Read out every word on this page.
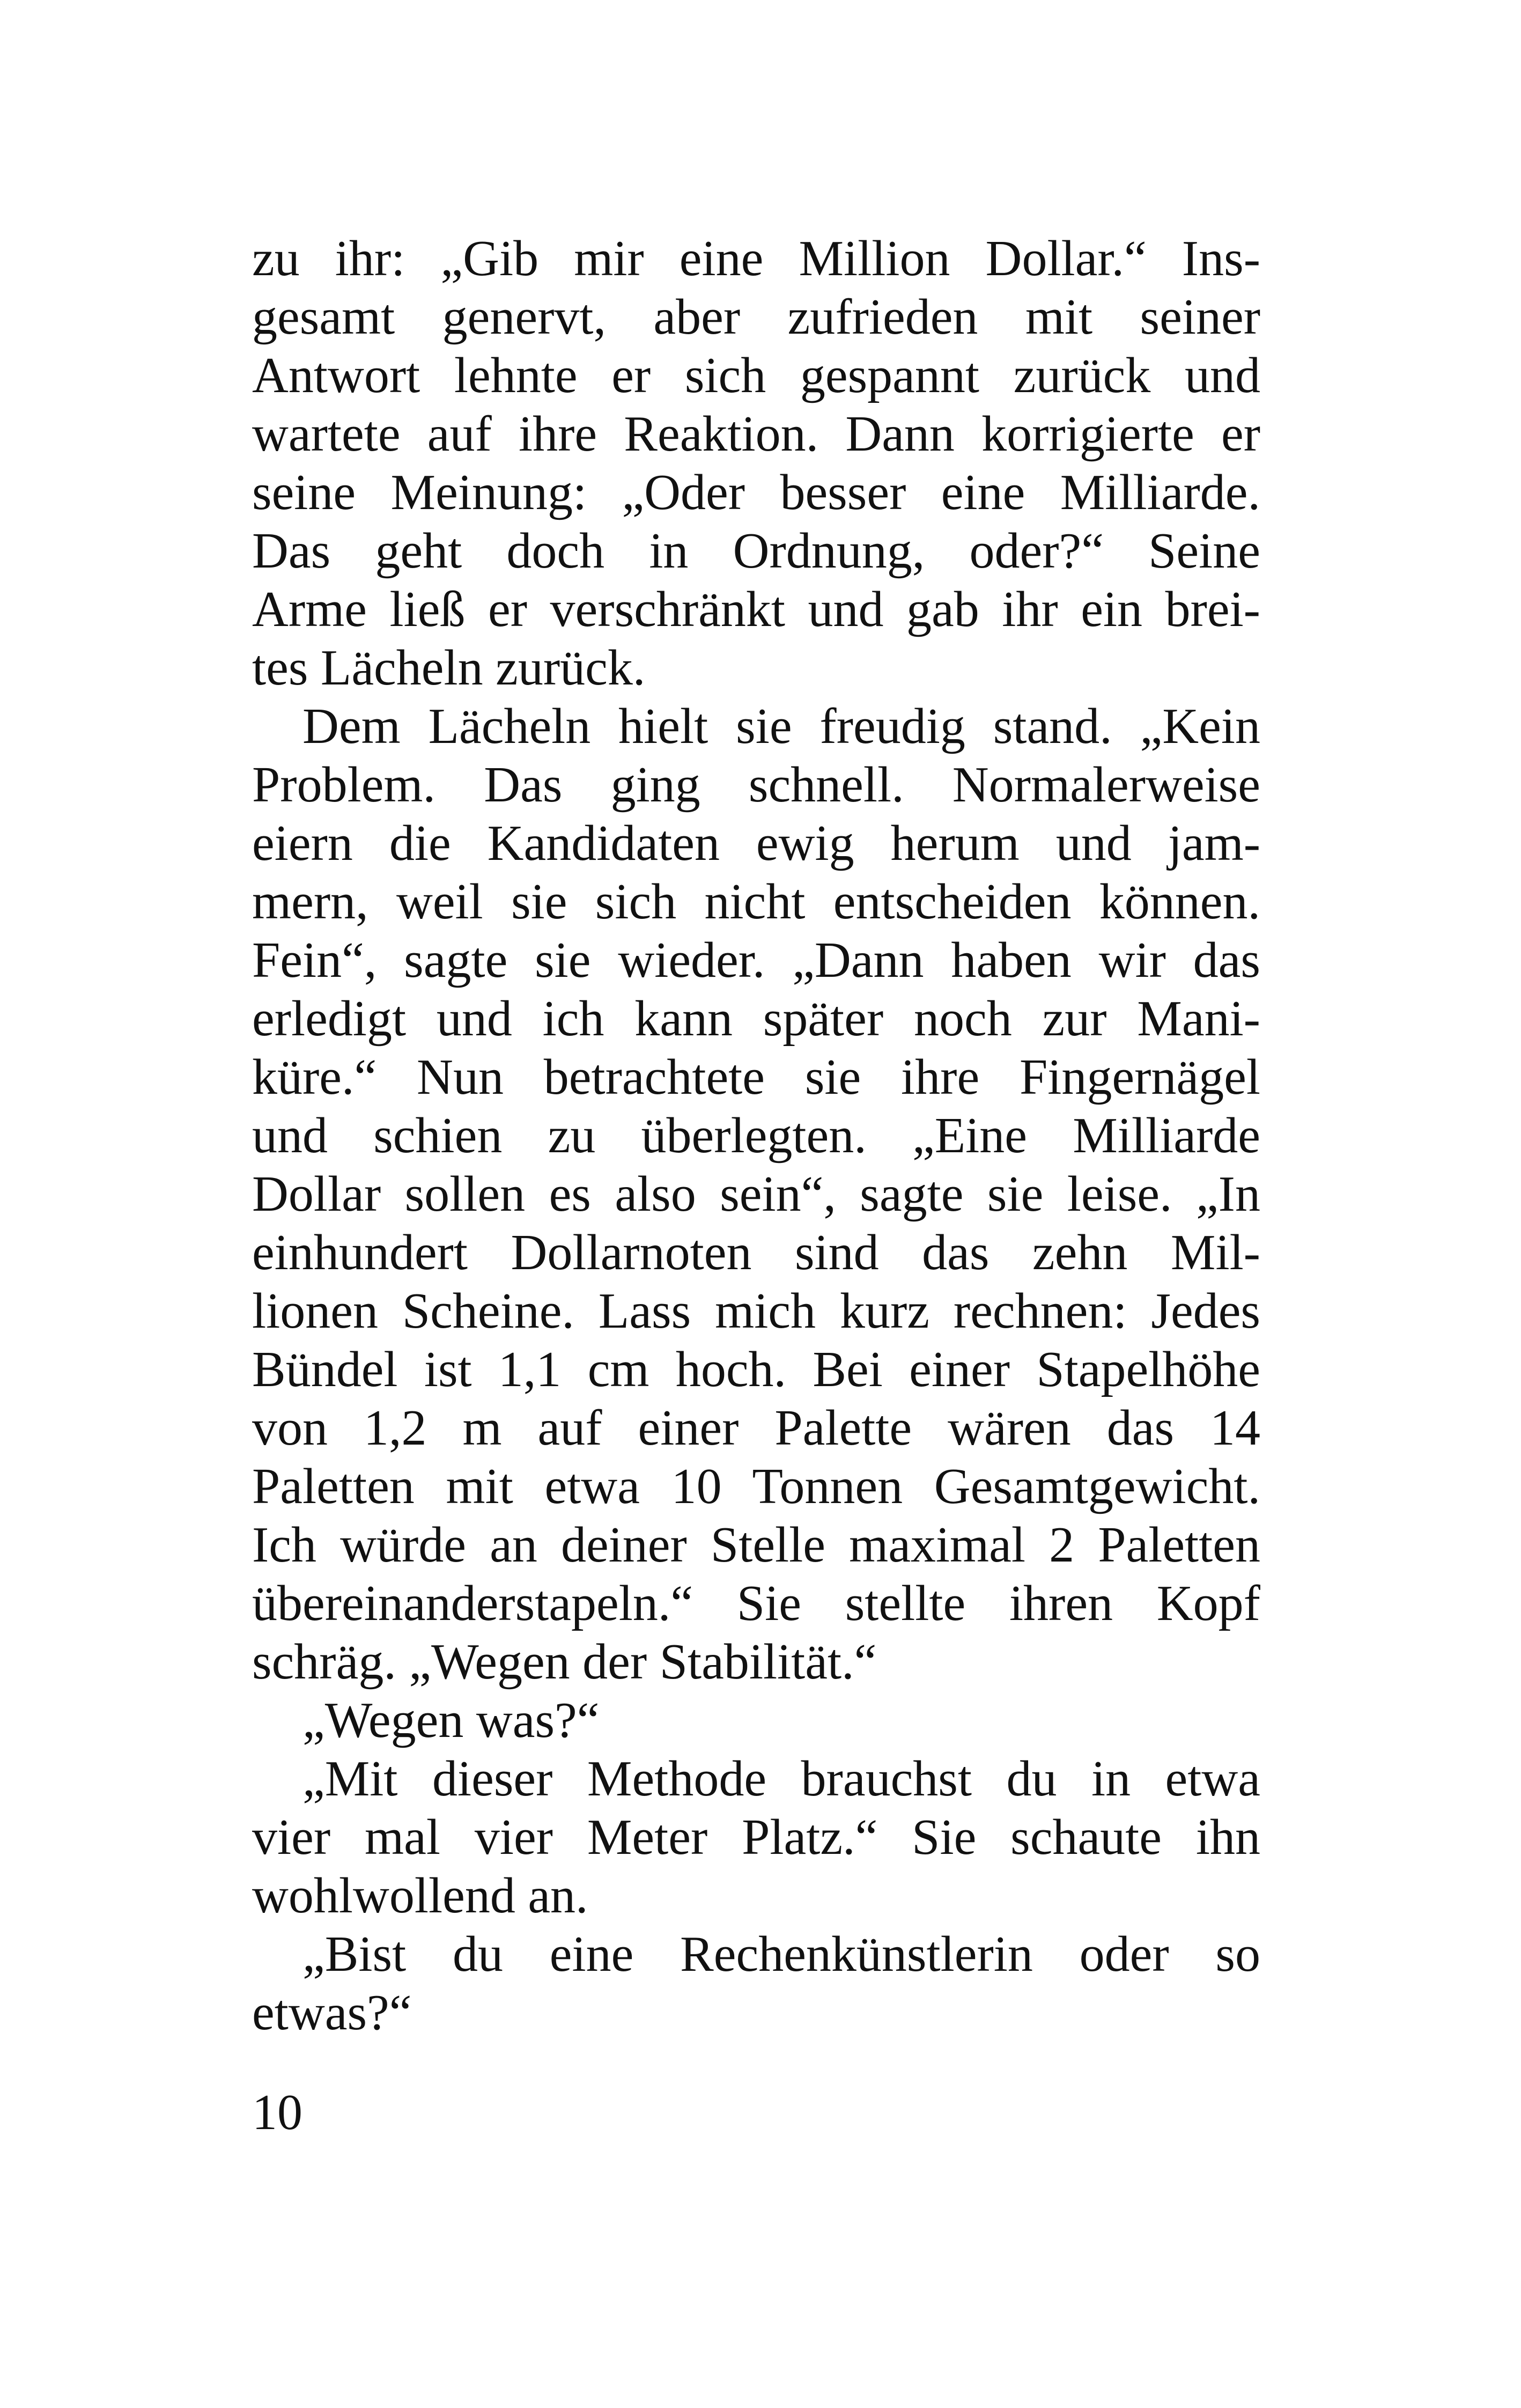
zu ihr: „Gib mir eine Million Dollar.“ Ins-
gesamt genervt, aber zufrieden mit seiner
Antwort lehnte er sich gespannt zurück und
wartete auf ihre Reaktion. Dann korrigierte er
seine Meinung: „Oder besser eine Milliarde.
Das geht doch in Ordnung, oder?“ Seine
Arme ließ er verschränkt und gab ihr ein brei-
tes Lächeln zurück.
Dem Lächeln hielt sie freudig stand. „Kein
Problem. Das ging schnell. Normalerweise
eiern die Kandidaten ewig herum und jam-
mern, weil sie sich nicht entscheiden können.
Fein“, sagte sie wieder. „Dann haben wir das
erledigt und ich kann später noch zur Mani-
küre.“ Nun betrachtete sie ihre Fingernägel
und schien zu überlegten. „Eine Milliarde
Dollar sollen es also sein“, sagte sie leise. „In
einhundert Dollarnoten sind das zehn Mil-
lionen Scheine. Lass mich kurz rechnen: Jedes
Bündel ist 1,1 cm hoch. Bei einer Stapelhöhe
von 1,2 m auf einer Palette wären das 14
Paletten mit etwa 10 Tonnen Gesamtgewicht.
Ich würde an deiner Stelle maximal 2 Paletten
übereinanderstapeln.“ Sie stellte ihren Kopf
schräg. „Wegen der Stabilität.“
„Wegen was?“
„Mit dieser Methode brauchst du in etwa
vier mal vier Meter Platz.“ Sie schaute ihn
wohlwollend an.
„Bist du eine Rechenkünstlerin oder so
etwas?“
10
